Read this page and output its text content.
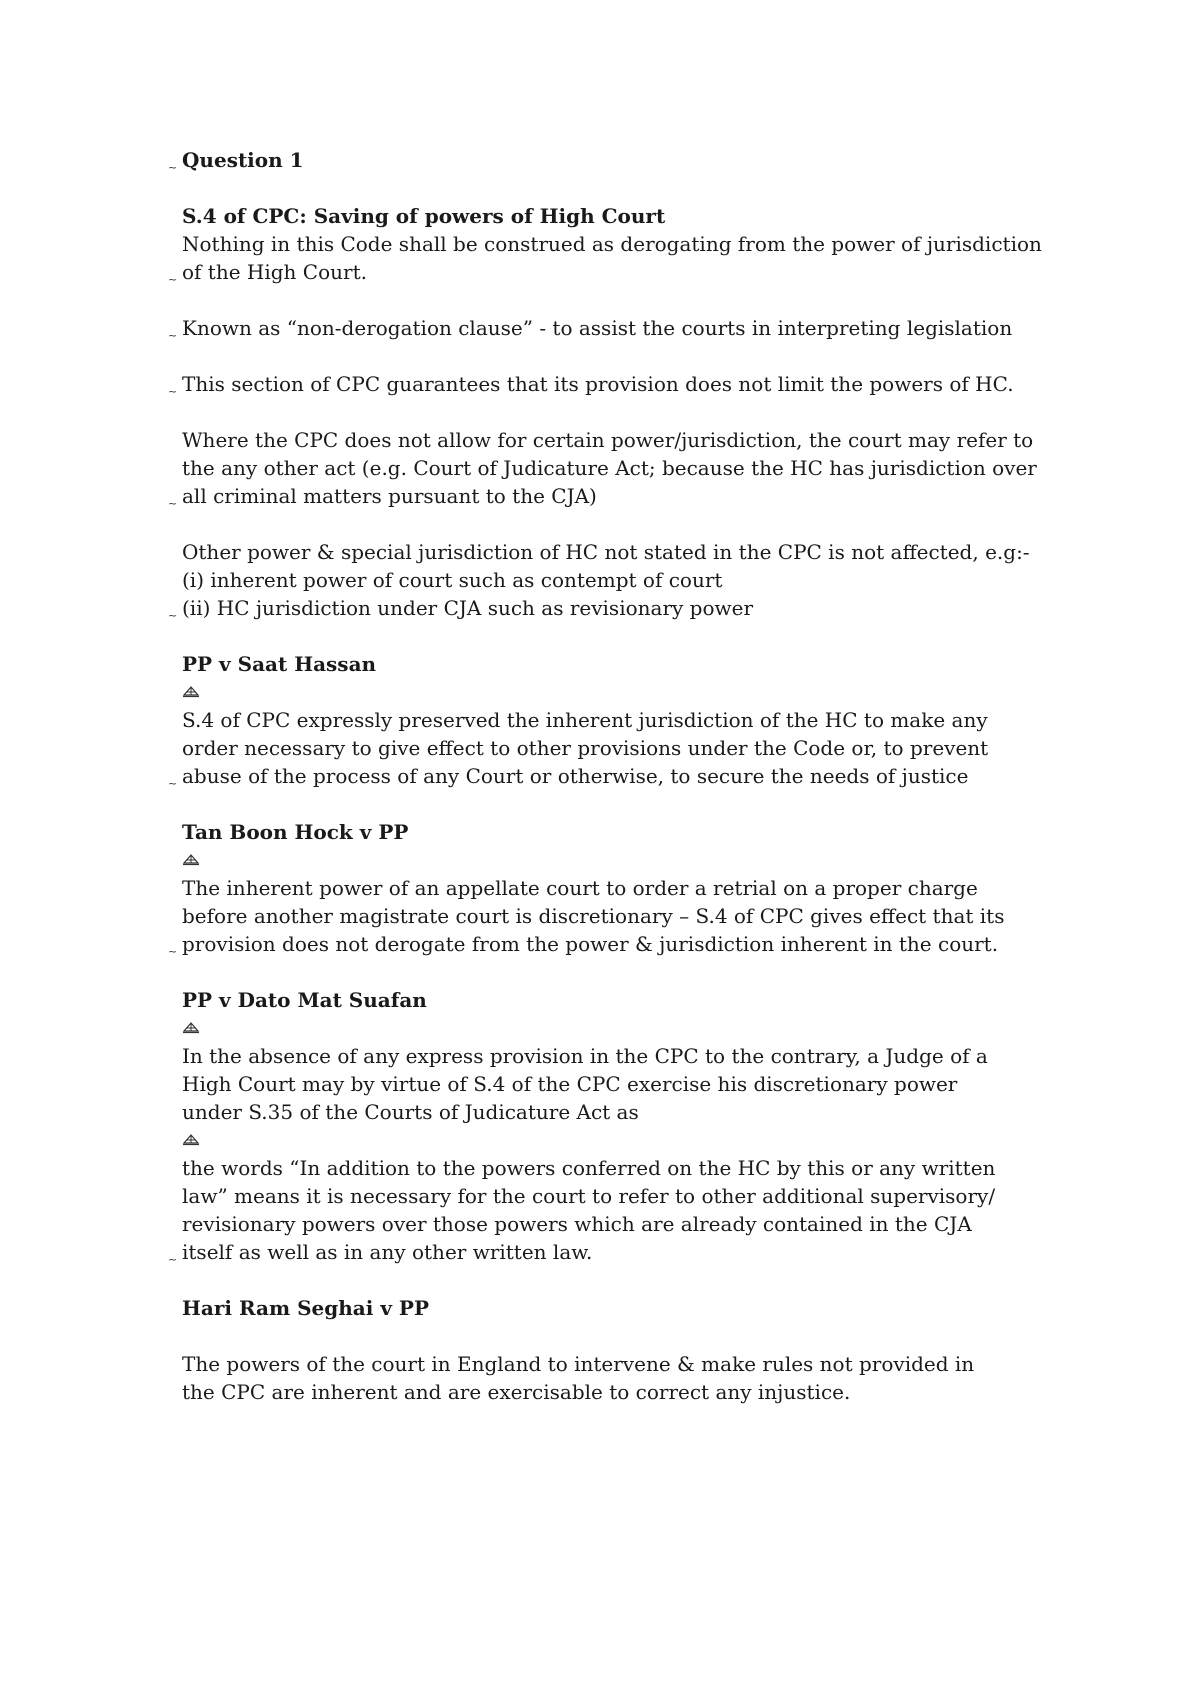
~ Question 1

S.4 of CPC: Saving of powers of High Court

Nothing in this Code shall be construed as derogating from the power of jurisdiction
of the High Court.

~

Known as “non-derogation clause” - to assist the courts in interpreting legislation

~

This section of CPC guarantees that its provision does not limit the powers of HC.

~

Where the CPC does not allow for certain power/jurisdiction, the court may refer to
the any other act (e.g. Court of Judicature Act; because the HC has jurisdiction over
all criminal matters pursuant to the CJA)

~

Other power & special jurisdiction of HC not stated in the CPC is not affected, e.g:-
(i) inherent power of court such as contempt of court
(ii) HC jurisdiction under CJA such as revisionary power

~

PP v Saat Hassan

S.4 of CPC expressly preserved the inherent jurisdiction of the HC to make any
order necessary to give effect to other provisions under the Code or, to prevent
abuse of the process of any Court or otherwise, to secure the needs of justice

~

Tan Boon Hock v PP

The inherent power of an appellate court to order a retrial on a proper charge
before another magistrate court is discretionary – S.4 of CPC gives effect that its
provision does not derogate from the power & jurisdiction inherent in the court.

~

PP v Dato Mat Suafan

In the absence of any express provision in the CPC to the contrary, a Judge of a
High Court may by virtue of S.4 of the CPC exercise his discretionary power
under S.35 of the Courts of Judicature Act as

the words “In addition to the powers conferred on the HC by this or any written
law” means it is necessary for the court to refer to other additional supervisory/
revisionary powers over those powers which are already contained in the CJA
itself as well as in any other written law.

~

Hari Ram Seghai v PP

The powers of the court in England to intervene & make rules not provided in
the CPC are inherent and are exercisable to correct any injustice.
